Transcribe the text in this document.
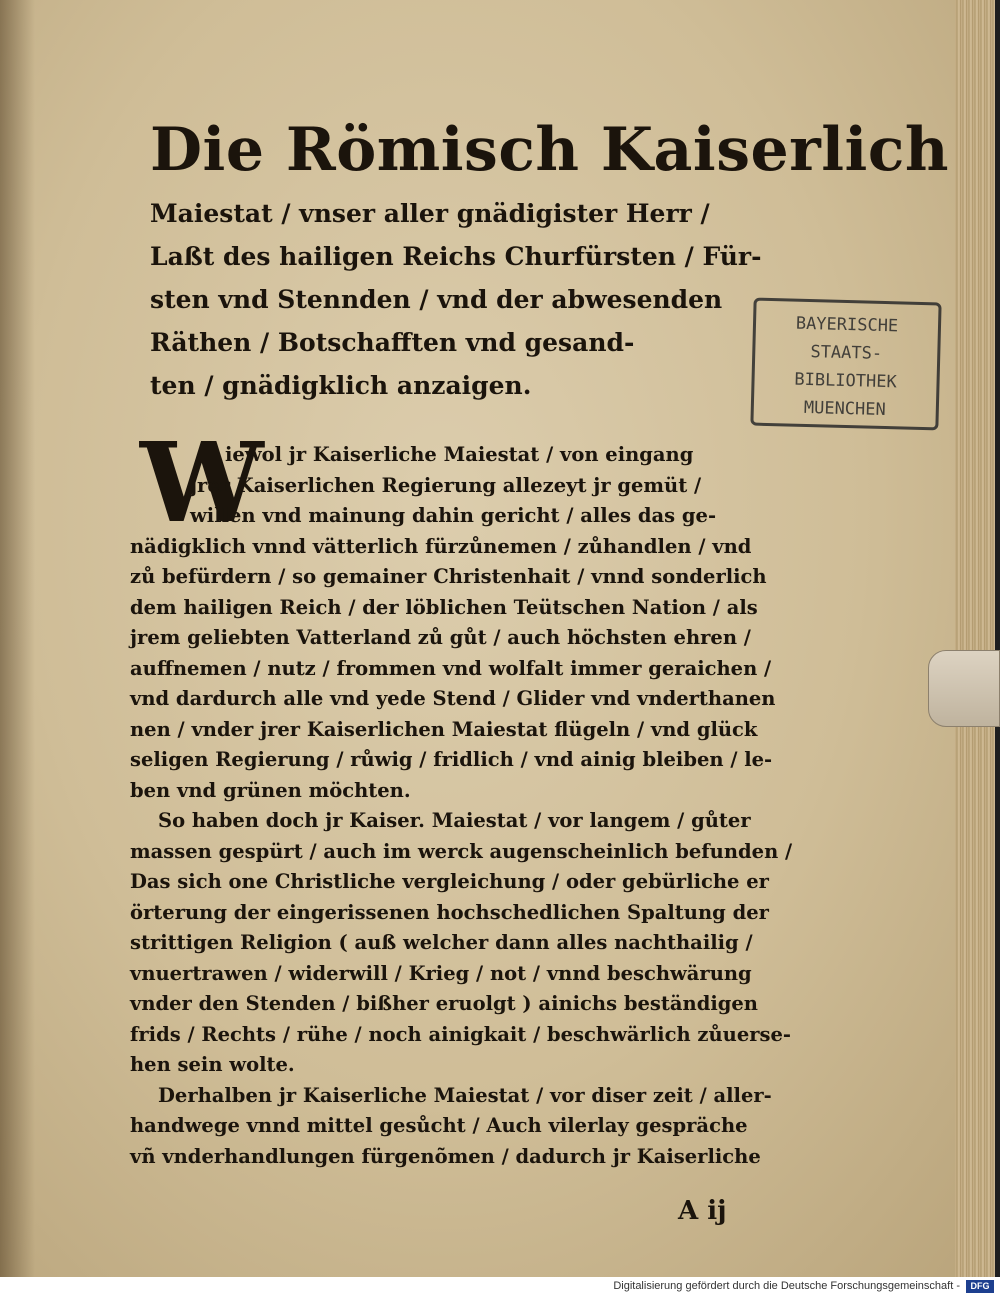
Die Römisch Kaiserlich
Maiestat / vnser aller gnädigister Herr /
Laßt des hailigen Reichs Churfürsten / Für-
sten vnd Stennden / vnd der abwesenden
Räthen / Botschafften vnd gesand-
ten / gnädigklich anzaigen.
BAYERISCHE
STAATS-
BIBLIOTHEK
MUENCHEN
W
iewol jr Kaiserliche Maiestat / von eingang
jrer Kaiserlichen Regierung allezeyt jr gemüt /
willen vnd mainung dahin gericht / alles das ge-
nädigklich vnnd vätterlich fürzůnemen / zůhandlen / vnd
zů befürdern / so gemainer Christenhait / vnnd sonderlich
dem hailigen Reich / der löblichen Teütschen Nation / als
jrem geliebten Vatterland zů gůt / auch höchsten ehren /
auffnemen / nutz / frommen vnd wolfalt immer geraichen /
vnd dardurch alle vnd yede Stend / Glider vnd vnderthanen
nen / vnder jrer Kaiserlichen Maiestat flügeln / vnd glück
seligen Regierung / růwig / fridlich / vnd ainig bleiben / le-
ben vnd grünen möchten.
So haben doch jr Kaiser. Maiestat / vor langem / gůter
massen gespürt / auch im werck augenscheinlich befunden /
Das sich one Christliche vergleichung / oder gebürliche er
örterung der eingerissenen hochschedlichen Spaltung der
strittigen Religion ( auß welcher dann alles nachthailig /
vnuertrawen / widerwill / Krieg / not / vnnd beschwärung
vnder den Stenden / bißher eruolgt ) ainichs beständigen
frids / Rechts / rühe / noch ainigkait / beschwärlich zůuerse-
hen sein wolte.
Derhalben jr Kaiserliche Maiestat / vor diser zeit / aller-
handwege vnnd mittel gesůcht / Auch vilerlay gespräche
vñ vnderhandlungen fürgenõmen / dadurch jr Kaiserliche
A ij
Digitalisierung gefördert durch die Deutsche Forschungsgemeinschaft -	DFG
